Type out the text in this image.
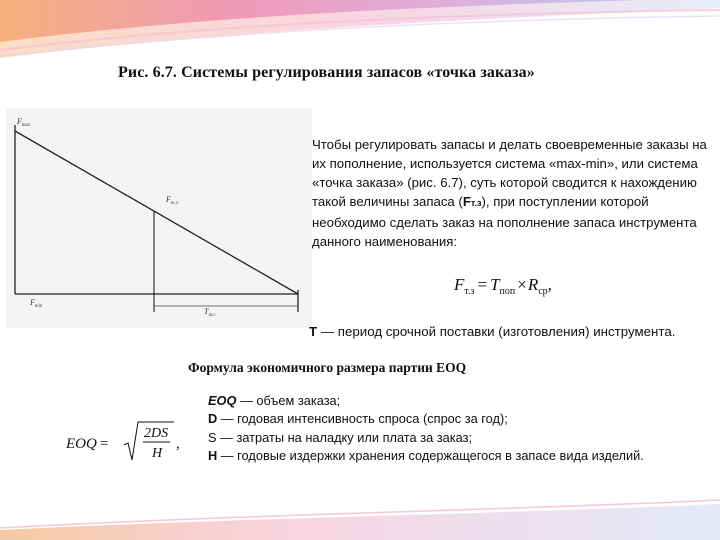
Рис. 6.7. Системы регулирования запасов «точка заказа»
$F_{max}$
$F_{т.з}$
$F_{min}$
$T_{т.с}$
Чтобы регулировать запасы и делать своевременные заказы на их пополнение, используется система «max-min», или система «точка заказа» (рис. 6.7), суть которой сводится к нахождению такой величины запаса (Fт.з), при поступлении которой необходимо сделать заказ на пополнение запаса инструмента данного наименования:
$F_{т.з} = T_{поп} \times R_{ср}$,
T — период срочной поставки (изготовления) инструмента.
Формула экономичного размера партии EOQ
EOQ =
2DS
H
,
EOQ — объем заказа;
D — годовая интенсивность спроса (спрос за год);
S — затраты на наладку или плата за заказ;
H — годовые издержки хранения содержащегося в запасе вида изделий.
